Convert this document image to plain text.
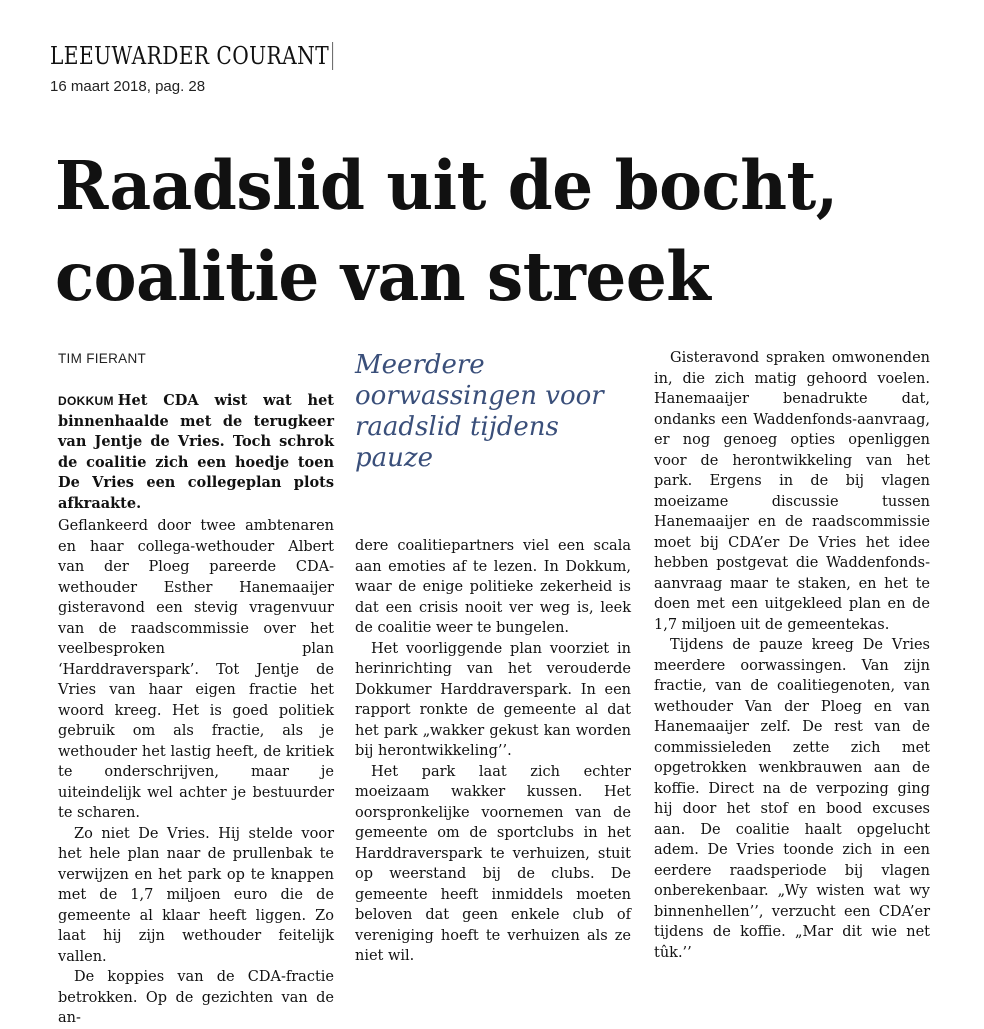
LEEUWARDER COURANT
16 maart 2018, pag. 28
Raadslid uit de bocht, coalitie van streek
TIM FIERANT

DOKKUM Het CDA wist wat het binnenhaalde met de terugkeer van Jentje de Vries. Toch schrok de coalitie zich een hoedje toen De Vries een collegeplan plots afkraakte.

Meerdere oorwassingen voor raadslid tijdens pauze

Geflankeerd door twee ambtenaren en haar collega-wethouder Albert van der Ploeg pareerde CDA-wethouder Esther Hanemaaijer gisteravond een stevig vragenvuur van de raadscommissie over het veelbesproken plan ‘Harddraverspark’. Tot Jentje de Vries van haar eigen fractie het woord kreeg. Het is goed politiek gebruik om als fractie, als je wethouder het lastig heeft, de kritiek te onderschrijven, maar je uiteindelijk wel achter je bestuurder te scharen.

Zo niet De Vries. Hij stelde voor het hele plan naar de prullenbak te verwijzen en het park op te knappen met de 1,7 miljoen euro die de gemeente al klaar heeft liggen. Zo laat hij zijn wethouder feitelijk vallen.

De koppies van de CDA-fractie betrokken. Op de gezichten van de an-

dere coalitiepartners viel een scala aan emoties af te lezen. In Dokkum, waar de enige politieke zekerheid is dat een crisis nooit ver weg is, leek de coalitie weer te bungelen.

Het voorliggende plan voorziet in herinrichting van het verouderde Dokkumer Harddraverspark. In een rapport ronkte de gemeente al dat het park „wakker gekust kan worden bij herontwikkeling’’.

Het park laat zich echter moeizaam wakker kussen. Het oorspronkelijke voornemen van de gemeente om de sportclubs in het Harddraverspark te verhuizen, stuit op weerstand bij de clubs. De gemeente heeft inmiddels moeten beloven dat geen enkele club of vereniging hoeft te verhuizen als ze niet wil.

Gisteravond spraken omwonenden in, die zich matig gehoord voelen. Hanemaaijer benadrukte dat, ondanks een Waddenfonds-aanvraag, er nog genoeg opties openliggen voor de herontwikkeling van het park. Ergens in de bij vlagen moeizame discussie tussen Hanemaaijer en de raadscommissie moet bij CDA’er De Vries het idee hebben postgevat die Waddenfonds-aanvraag maar te staken, en het te doen met een uitgekleed plan en de 1,7 miljoen uit de gemeentekas.

Tijdens de pauze kreeg De Vries meerdere oorwassingen. Van zijn fractie, van de coalitiegenoten, van wethouder Van der Ploeg en van Hanemaaijer zelf. De rest van de commissieleden zette zich met opgetrokken wenkbrauwen aan de koffie. Direct na de verpozing ging hij door het stof en bood excuses aan. De coalitie haalt opgelucht adem. De Vries toonde zich in een eerdere raadsperiode bij vlagen onberekenbaar. „Wy wisten wat wy binnenhellen’’, verzucht een CDA’er tijdens de koffie. „Mar dit wie net tûk.’’
